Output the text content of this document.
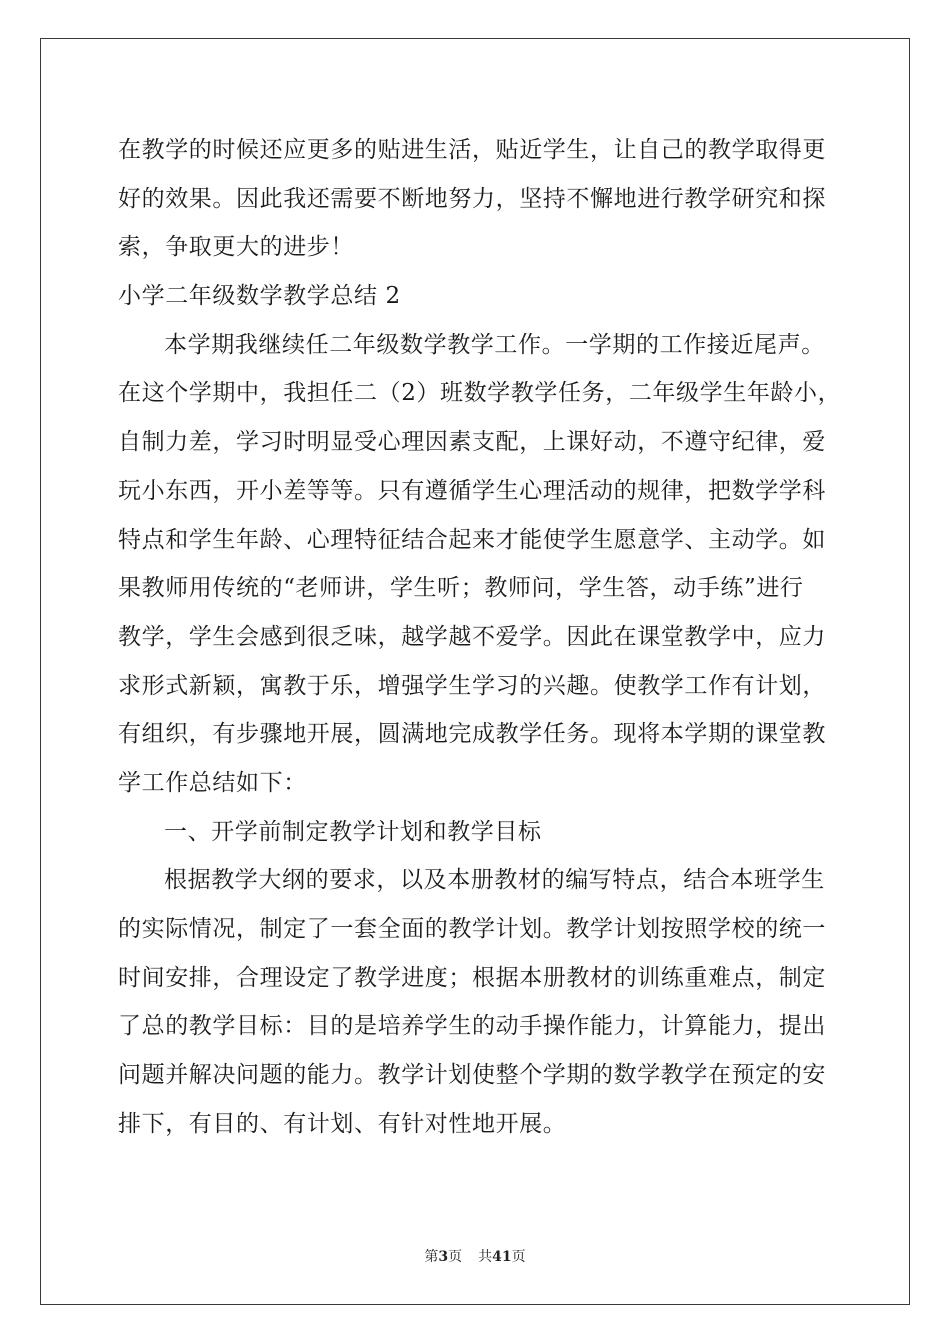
在教学的时候还应更多的贴进生活，贴近学生，让自己的教学取得更
好的效果。因此我还需要不断地努力，坚持不懈地进行教学研究和探
索，争取更大的进步！
小学二年级数学教学总结 2
本学期我继续任二年级数学教学工作。一学期的工作接近尾声。
在这个学期中，我担任二（2）班数学教学任务，二年级学生年龄小，
自制力差，学习时明显受心理因素支配，上课好动，不遵守纪律，爱
玩小东西，开小差等等。只有遵循学生心理活动的规律，把数学学科
特点和学生年龄、心理特征结合起来才能使学生愿意学、主动学。如
果教师用传统的“老师讲，学生听；教师问，学生答，动手练”进行
教学，学生会感到很乏味，越学越不爱学。因此在课堂教学中，应力
求形式新颖，寓教于乐，增强学生学习的兴趣。使教学工作有计划，
有组织，有步骤地开展，圆满地完成教学任务。现将本学期的课堂教
学工作总结如下：
一、开学前制定教学计划和教学目标
根据教学大纲的要求，以及本册教材的编写特点，结合本班学生
的实际情况，制定了一套全面的教学计划。教学计划按照学校的统一
时间安排，合理设定了教学进度；根据本册教材的训练重难点，制定
了总的教学目标：目的是培养学生的动手操作能力，计算能力，提出
问题并解决问题的能力。教学计划使整个学期的数学教学在预定的安
排下，有目的、有计划、有针对性地开展。
第3页 共41页
